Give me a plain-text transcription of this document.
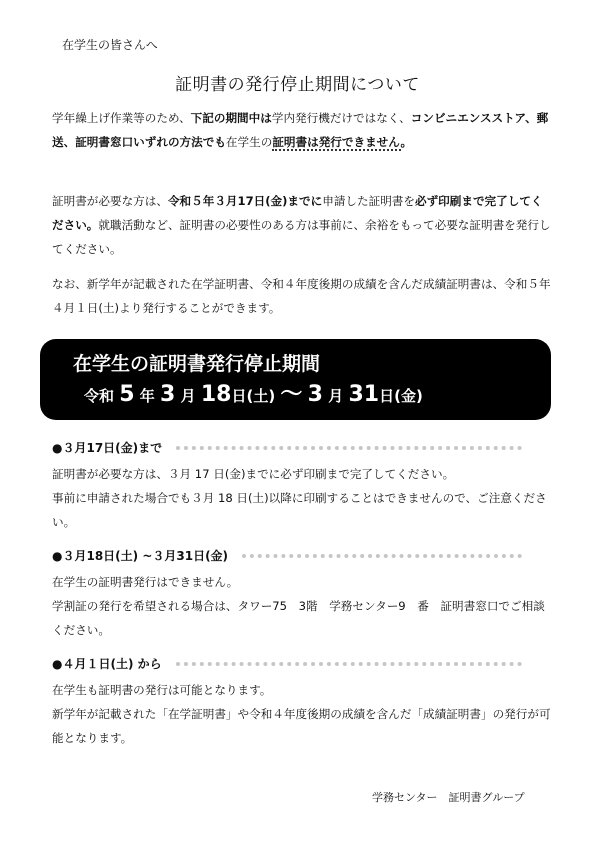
在学生の皆さんへ
証明書の発行停止期間について
学年繰上げ作業等のため、下記の期間中は学内発行機だけではなく、コンビニエンスストア、郵送、証明書窓口いずれの方法でも在学生の証明書は発行できません。
証明書が必要な方は、令和５年３月17日(金)までに申請した証明書を必ず印刷まで完了してください。就職活動など、証明書の必要性のある方は事前に、余裕をもって必要な証明書を発行してください。
なお、新学年が記載された在学証明書、令和４年度後期の成績を含んだ成績証明書は、令和５年４月１日(土)より発行することができます。
在学生の証明書発行停止期間
令和 5 年 3 月 18日(土) ～ 3 月 31日(金)
●３月17日(金)まで
証明書が必要な方は、３月 17 日(金)までに必ず印刷まで完了してください。
事前に申請された場合でも３月 18 日(土)以降に印刷することはできませんので、ご注意ください。
●３月18日(土) ~３月31日(金)
在学生の証明書発行はできません。
学割証の発行を希望される場合は、タワー75　3階　学務センター9　番　証明書窓口でご相談ください。
●４月１日(土) から
在学生も証明書の発行は可能となります。
新学年が記載された「在学証明書」や令和４年度後期の成績を含んだ「成績証明書」の発行が可能となります。
学務センター　証明書グループ
